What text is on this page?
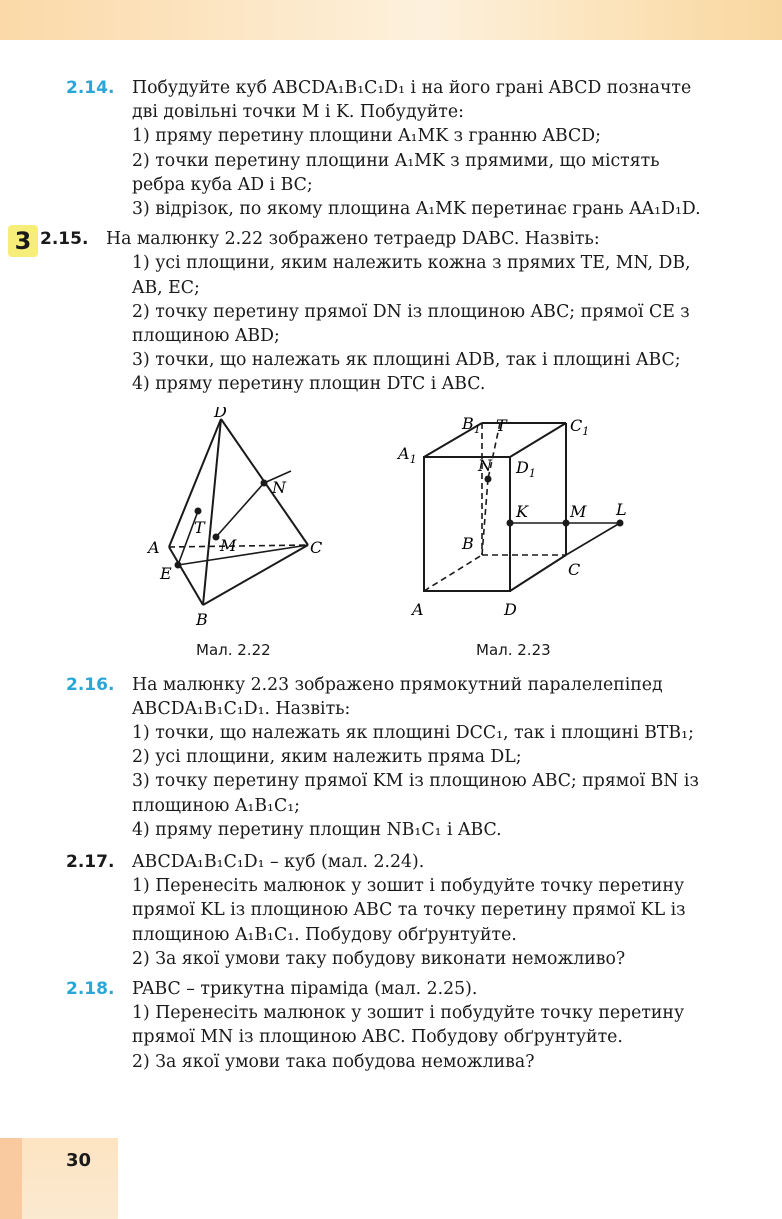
2.14.	Побудуйте куб ABCDA₁B₁C₁D₁ і на його грані ABCD позначте дві довільні точки M і K. Побудуйте:
1) пряму перетину площини A₁MK з гранню ABCD;
2) точки перетину площини A₁MK з прямими, що містять ребра куба AD і BC;
3) відрізок, по якому площина A₁MK перетинає грань AA₁D₁D.
3 2.15.	На малюнку 2.22 зображено тетраедр DABC. Назвіть:
1) усі площини, яким належить кожна з прямих TE, MN, DB, AB, EC;
2) точку перетину прямої DN із площиною ABC; прямої CE з площиною ABD;
3) точки, що належать як площині ADB, так і площині ABC;
4) пряму перетину площин DTC і ABC.
D
N
T
M
A	C
E
B
Мал. 2.22
$B_1$ T	$C_1$
$A_1$	$D_1$
N
K	M L
B
C
A	D
Мал. 2.23
2.16.	На малюнку 2.23 зображено прямокутний паралелепіпед ABCDA₁B₁C₁D₁. Назвіть:
1) точки, що належать як площині DCC₁, так і площині BTB₁;
2) усі площини, яким належить пряма DL;
3) точку перетину прямої KM із площиною ABC; прямої BN із площиною A₁B₁C₁;
4) пряму перетину площин NB₁C₁ і ABC.
2.17.	ABCDA₁B₁C₁D₁ – куб (мал. 2.24).
1) Перенесіть малюнок у зошит і побудуйте точку перетину прямої KL із площиною ABC та точку перетину прямої KL із площиною A₁B₁C₁. Побудову обґрунтуйте.
2) За якої умови таку побудову виконати неможливо?
2.18.	PABC – трикутна піраміда (мал. 2.25).
1) Перенесіть малюнок у зошит і побудуйте точку перетину прямої MN із площиною ABC. Побудову обґрунтуйте.
2) За якої умови така побудова неможлива?
30
